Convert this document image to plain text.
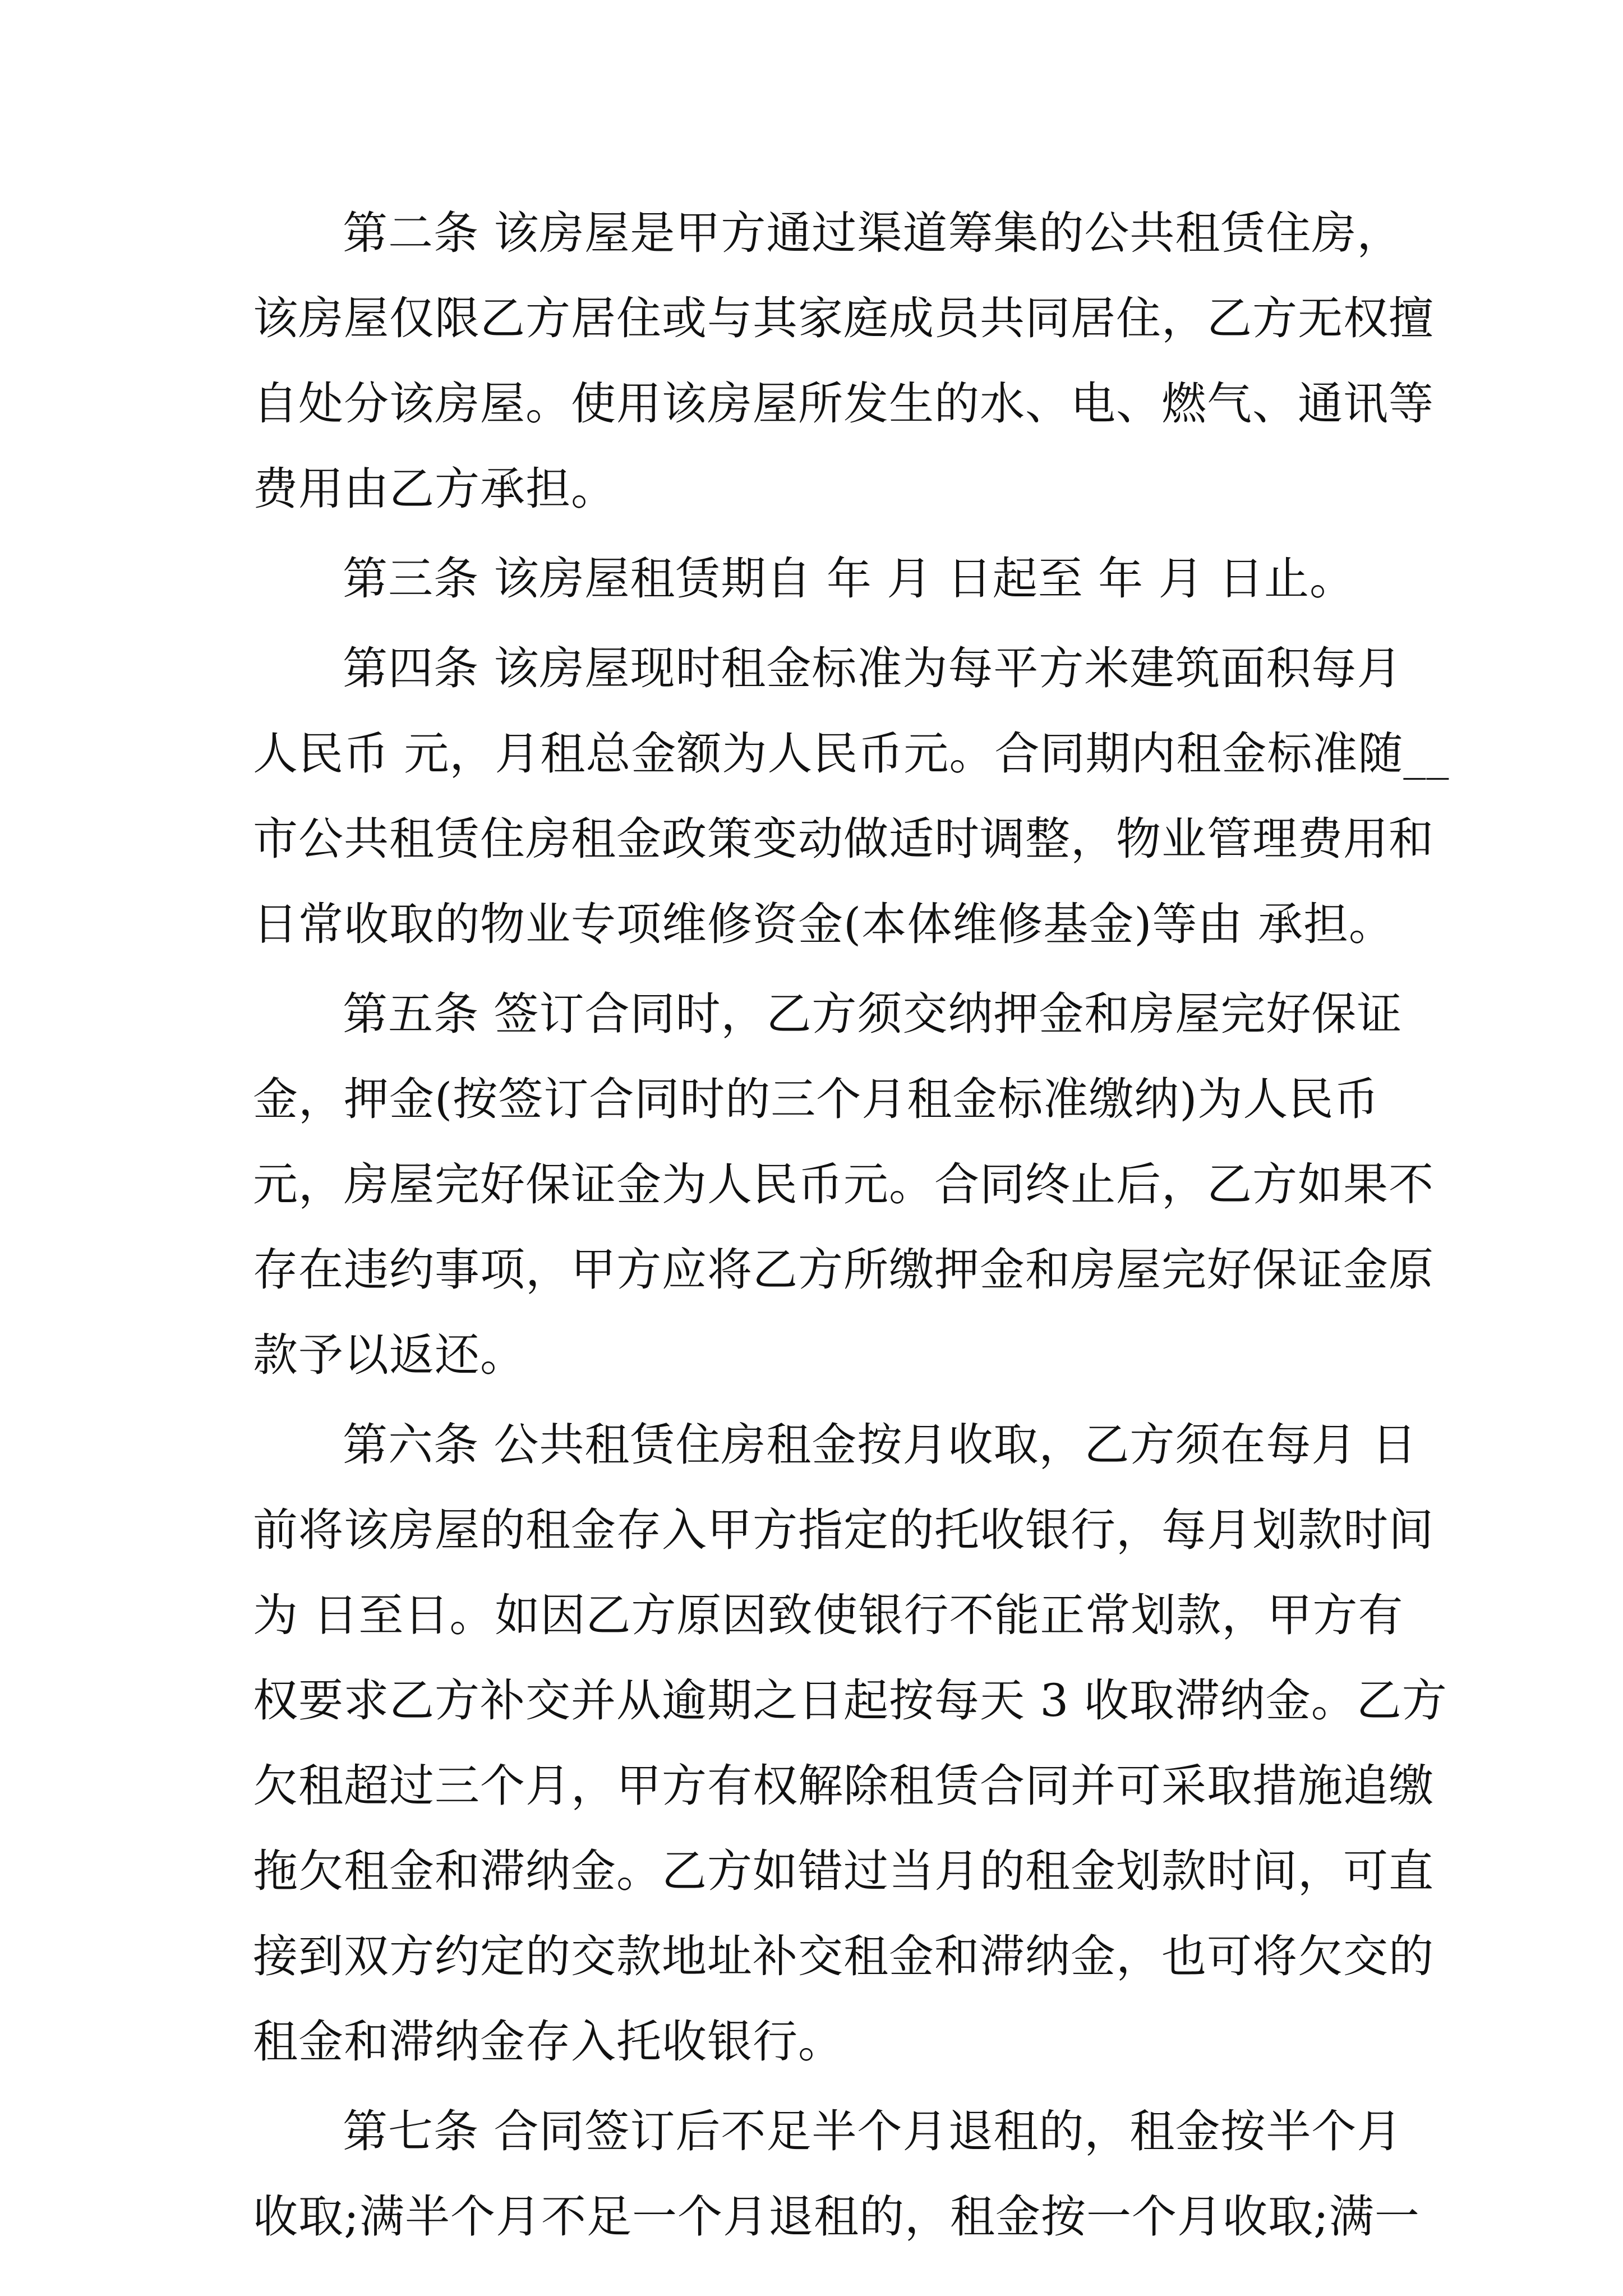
第二条 该房屋是甲方通过渠道筹集的公共租赁住房，
该房屋仅限乙方居住或与其家庭成员共同居住，乙方无权擅
自处分该房屋。使用该房屋所发生的水、电、燃气、通讯等
费用由乙方承担。
第三条 该房屋租赁期自 年 月 日起至 年 月 日止。
第四条 该房屋现时租金标准为每平方米建筑面积每月
人民币 元，月租总金额为人民币元。合同期内租金标准随__
市公共租赁住房租金政策变动做适时调整，物业管理费用和
日常收取的物业专项维修资金(本体维修基金)等由 承担。
第五条 签订合同时，乙方须交纳押金和房屋完好保证
金，押金(按签订合同时的三个月租金标准缴纳)为人民币
元，房屋完好保证金为人民币元。合同终止后，乙方如果不
存在违约事项，甲方应将乙方所缴押金和房屋完好保证金原
款予以返还。
第六条 公共租赁住房租金按月收取，乙方须在每月 日
前将该房屋的租金存入甲方指定的托收银行，每月划款时间
为 日至日。如因乙方原因致使银行不能正常划款，甲方有
权要求乙方补交并从逾期之日起按每天 3 收取滞纳金。乙方
欠租超过三个月，甲方有权解除租赁合同并可采取措施追缴
拖欠租金和滞纳金。乙方如错过当月的租金划款时间，可直
接到双方约定的交款地址补交租金和滞纳金，也可将欠交的
租金和滞纳金存入托收银行。
第七条 合同签订后不足半个月退租的，租金按半个月
收取;满半个月不足一个月退租的，租金按一个月收取;满一
